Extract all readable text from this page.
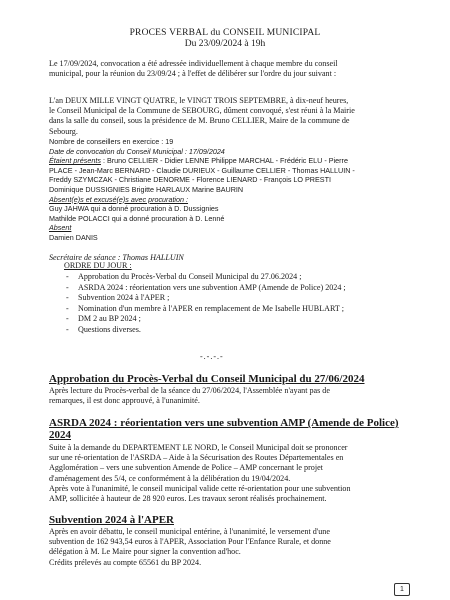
PROCES VERBAL du CONSEIL MUNICIPAL
Du 23/09/2024 à 19h
Le 17/09/2024, convocation a été adressée individuellement à chaque membre du conseil
municipal, pour la réunion du 23/09/24 ; à l'effet de délibérer sur l'ordre du jour suivant :
L'an DEUX MILLE VINGT QUATRE, le VINGT TROIS SEPTEMBRE, à dix-neuf heures,
le Conseil Municipal de la Commune de SEBOURG, dûment convoqué, s'est réuni à la Mairie
dans la salle du conseil, sous la présidence de M. Bruno CELLIER, Maire de la commune de
Sebourg.
Nombre de conseillers en exercice : 19
Date de convocation du Conseil Municipal : 17/09/2024
Étaient présents : Bruno CELLIER - Didier LENNE Philippe MARCHAL - Frédéric ELU - Pierre
PLACE - Jean-Marc BERNARD - Claudie DURIEUX - Guillaume CELLIER - Thomas HALLUIN -
Freddy SZYMCZAK - Christiane DENORME - Florence LIENARD - François LO PRESTI
Dominique DUSSIGNIES Brigitte HARLAUX Marine BAURIN
Absent(e)s et excusé(e)s avec procuration :
Guy JAHWA qui a donné procuration à D. Dussignies
Mathilde POLACCI qui a donné procuration à D. Lenné
Absent
Damien DANIS
Secrétaire de séance : Thomas HALLUIN
ORDRE DU JOUR :
- Approbation du Procès-Verbal du Conseil Municipal du 27.06.2024 ;
- ASRDA 2024 : réorientation vers une subvention AMP (Amende de Police) 2024 ;
- Subvention 2024 à l'APER ;
- Nomination d'un membre à l'APER en remplacement de Me Isabelle HUBLART ;
- DM 2 au BP 2024 ;
- Questions diverses.
-.-.-.-
Approbation du Procès-Verbal du Conseil Municipal du 27/06/2024
Après lecture du Procès-verbal de la séance du 27/06/2024, l'Assemblée n'ayant pas de
remarques, il est donc approuvé, à l'unanimité.
ASRDA 2024 : réorientation vers une subvention AMP (Amende de Police)
2024
Suite à la demande du DEPARTEMENT LE NORD, le Conseil Municipal doit se prononcer
sur une ré-orientation de l'ASRDA – Aide à la Sécurisation des Routes Départementales en
Agglomération – vers une subvention Amende de Police – AMP concernant le projet
d'aménagement des 5/4, ce conformément à la délibération du 19/04/2024.
Après vote à l'unanimité, le conseil municipal valide cette ré-orientation pour une subvention
AMP, sollicitée à hauteur de 28 920 euros. Les travaux seront réalisés prochainement.
Subvention 2024 à l'APER
Après en avoir débattu, le conseil municipal entérine, à l'unanimité, le versement d'une
subvention de 162 943,54 euros à l'APER, Association Pour l'Enfance Rurale, et donne
délégation à M. Le Maire pour signer la convention ad'hoc.
Crédits prélevés au compte 65561 du BP 2024.
1
